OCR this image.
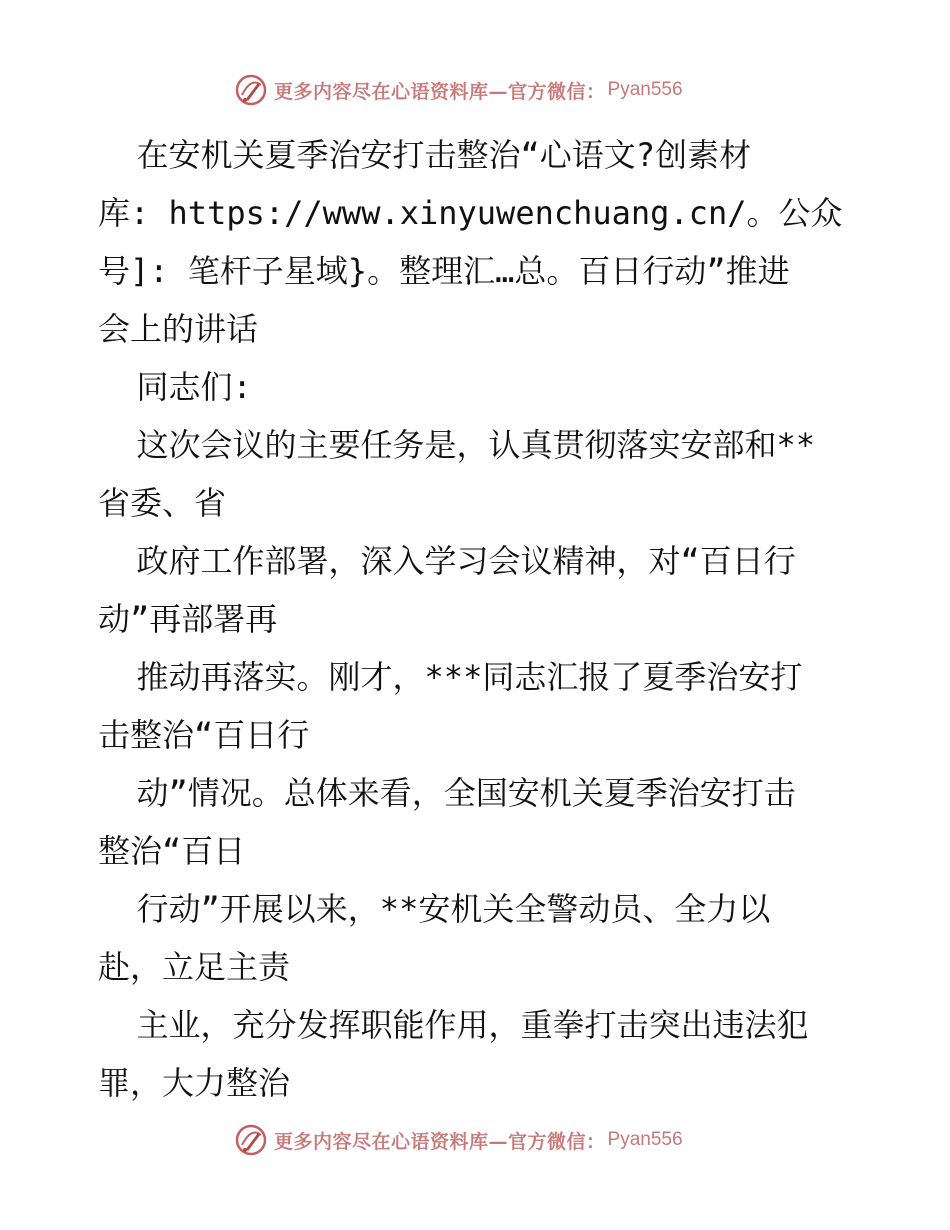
更多内容尽在心语资料库—官方微信： Pyan556
在安机关夏季治安打击整治“心语文?创素材
库: https://www.xinyuwenchuang.cn/。公众
号]: 笔杆子星域}。整理汇…总。百日行动”推进
会上的讲话
同志们:
这次会议的主要任务是，认真贯彻落实安部和**
省委、省
政府工作部署，深入学习会议精神，对“百日行
动”再部署再
推动再落实。刚才，***同志汇报了夏季治安打
击整治“百日行
动”情况。总体来看，全国安机关夏季治安打击
整治“百日
行动”开展以来，**安机关全警动员、全力以
赴，立足主责
主业，充分发挥职能作用，重拳打击突出违法犯
罪，大力整治
更多内容尽在心语资料库—官方微信： Pyan556
